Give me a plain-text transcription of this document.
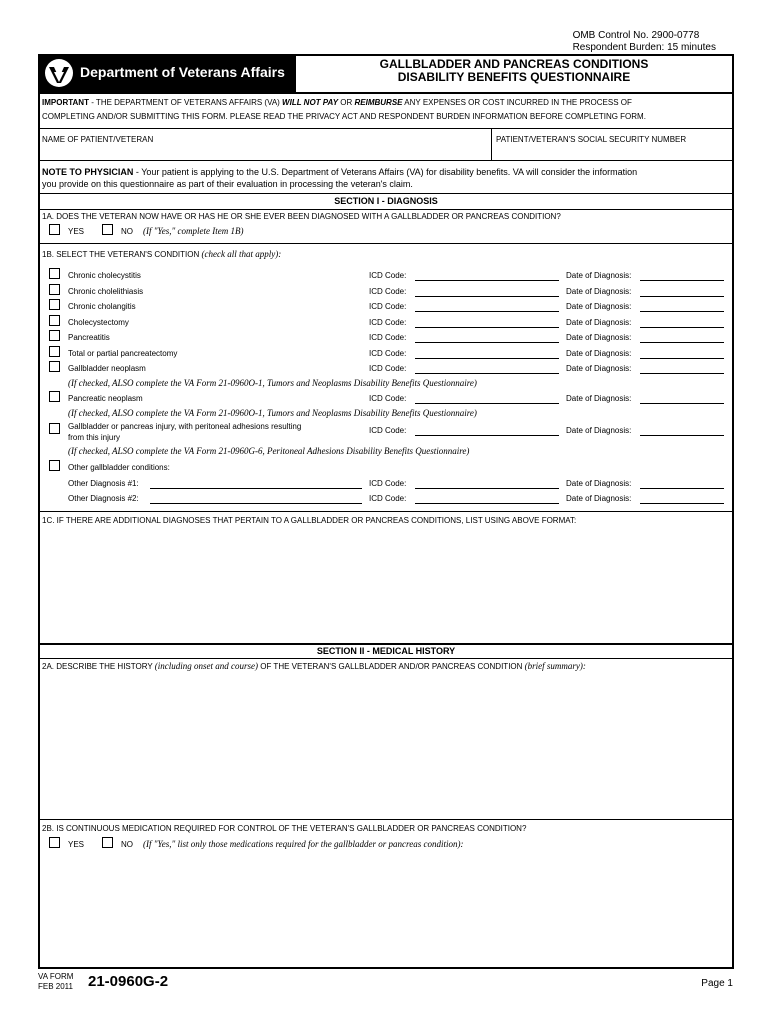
OMB Control No. 2900-0778
Respondent Burden: 15 minutes
Department of Veterans Affairs	GALLBLADDER AND PANCREAS CONDITIONS
DISABILITY BENEFITS QUESTIONNAIRE
IMPORTANT - THE DEPARTMENT OF VETERANS AFFAIRS (VA) WILL NOT PAY OR REIMBURSE ANY EXPENSES OR COST INCURRED IN THE PROCESS OF
COMPLETING AND/OR SUBMITTING THIS FORM. PLEASE READ THE PRIVACY ACT AND RESPONDENT BURDEN INFORMATION BEFORE COMPLETING FORM.
NAME OF PATIENT/VETERAN	PATIENT/VETERAN'S SOCIAL SECURITY NUMBER
NOTE TO PHYSICIAN - Your patient is applying to the U.S. Department of Veterans Affairs (VA) for disability benefits. VA will consider the information
you provide on this questionnaire as part of their evaluation in processing the veteran's claim.
SECTION I - DIAGNOSIS
1A. DOES THE VETERAN NOW HAVE OR HAS HE OR SHE EVER BEEN DIAGNOSED WITH A GALLBLADDER OR PANCREAS CONDITION?
YES	NO (If "Yes," complete Item 1B)
1B. SELECT THE VETERAN'S CONDITION (check all that apply):
Chronic cholecystitis	ICD Code:	Date of Diagnosis:
Chronic cholelithiasis	ICD Code:	Date of Diagnosis:
Chronic cholangitis	ICD Code:	Date of Diagnosis:
Cholecystectomy	ICD Code:	Date of Diagnosis:
Pancreatitis	ICD Code:	Date of Diagnosis:
Total or partial pancreatectomy	ICD Code:	Date of Diagnosis:
Gallbladder neoplasm	ICD Code:	Date of Diagnosis:
(If checked, ALSO complete the VA Form 21-0960O-1, Tumors and Neoplasms Disability Benefits Questionnaire)
Pancreatic neoplasm	ICD Code:	Date of Diagnosis:
(If checked, ALSO complete the VA Form 21-0960O-1, Tumors and Neoplasms Disability Benefits Questionnaire)
Gallbladder or pancreas injury, with peritoneal adhesions resulting
from this injury
ICD Code:	Date of Diagnosis:
(If checked, ALSO complete the VA Form 21-0960G-6, Peritoneal Adhesions Disability Benefits Questionnaire)
Other gallbladder conditions:
Other Diagnosis #1:	ICD Code:	Date of Diagnosis:
Other Diagnosis #2:	ICD Code:	Date of Diagnosis:
1C. IF THERE ARE ADDITIONAL DIAGNOSES THAT PERTAIN TO A GALLBLADDER OR PANCREAS CONDITIONS, LIST USING ABOVE FORMAT:
SECTION II - MEDICAL HISTORY
2A. DESCRIBE THE HISTORY (including onset and course) OF THE VETERAN'S GALLBLADDER AND/OR PANCREAS CONDITION (brief summary):
2B. IS CONTINUOUS MEDICATION REQUIRED FOR CONTROL OF THE VETERAN'S GALLBLADDER OR PANCREAS CONDITION?
YES	NO (If "Yes," list only those medications required for the gallbladder or pancreas condition):
VA FORM
FEB 2011 21-0960G-2	Page 1
